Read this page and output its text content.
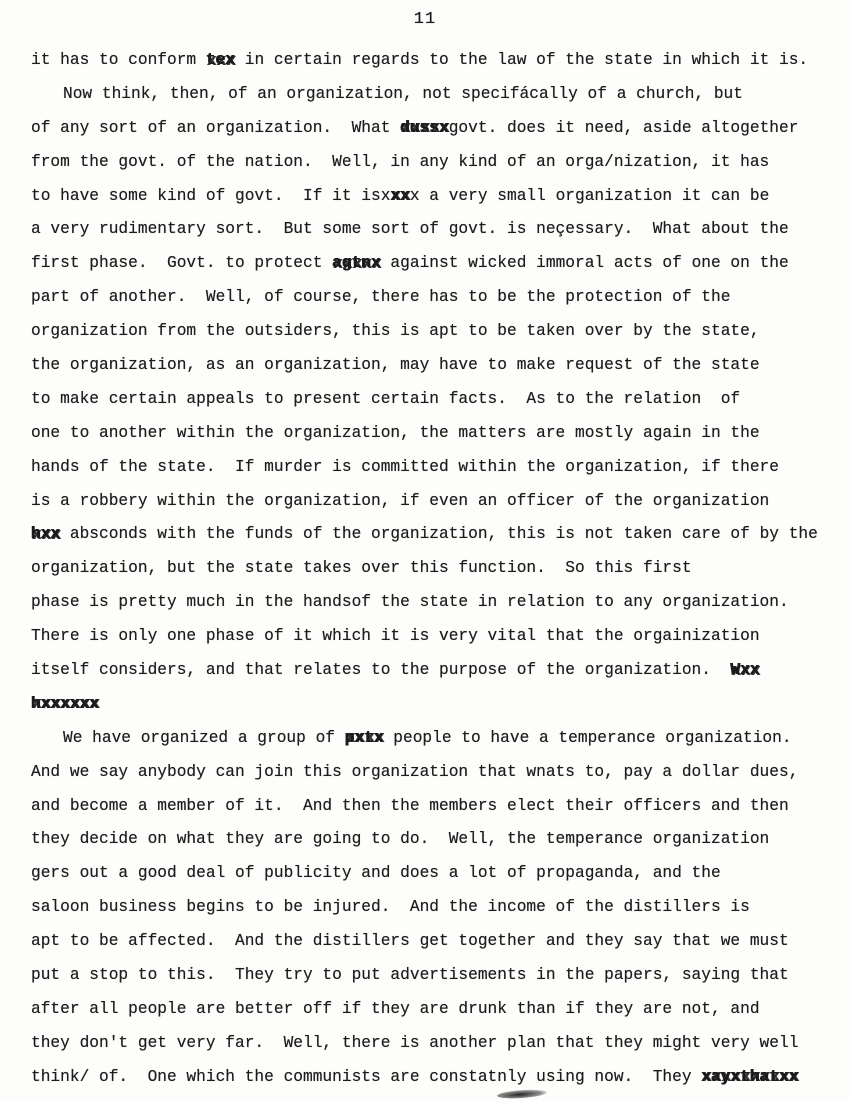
11
it has to conform tex xxx in certain regards to the law of the state in which it is.
Now think, then, of an organization, not specifácally of a church, but
of any sort of an organization.  What dussx xxxxxgovt. does it need, aside altogether
from the govt. of the nation.  Well, in any kind of an orga/nization, it has
to have some kind of govt.  If it isxxx xxx a very small organization it can be
a very rudimentary sort.  But some sort of govt. is neçessary.  What about the
first phase.  Govt. to protect agtnx xxxxx against wicked immoral acts of one on the
part of another.  Well, of course, there has to be the protection of the
organization from the outsiders, this is apt to be taken over by the state,
the organization, as an organization, may have to make request of the state
to make certain appeals to present certain facts.  As to the relation  of
one to another within the organization, the matters are mostly again in the
hands of the state.  If murder is committed within the organization, if there
is a robbery within the organization, if even an officer of the organization
hxx xxx absconds with the funds of the organization, this is not taken care of by the
organization, but the state takes over this function.  So this first
phase is pretty much in the handsof the state in relation to any organization.
There is only one phase of it which it is very vital that the orgainization
itself considers, and that relates to the purpose of the organization.  Wxx xxx
hxxxxxx xxxxxxx
We have organized a group of pxtx xxxx people to have a temperance organization.
And we say anybody can join this organization that wnats to, pay a dollar dues,
and become a member of it.  And then the members elect their officers and then
they decide on what they are going to do.  Well, the temperance organization
gers out a good deal of publicity and does a lot of propaganda, and the
saloon business begins to be injured.  And the income of the distillers is
apt to be affected.  And the distillers get together and they say that we must
put a stop to this.  They try to put advertisements in the papers, saying that
after all people are better off if they are drunk than if they are not, and
they don't get very far.  Well, there is another plan that they might very well
think/ of.  One which the communists are constatnly using now.  They xayxthatxx xxxxxxxxxx
